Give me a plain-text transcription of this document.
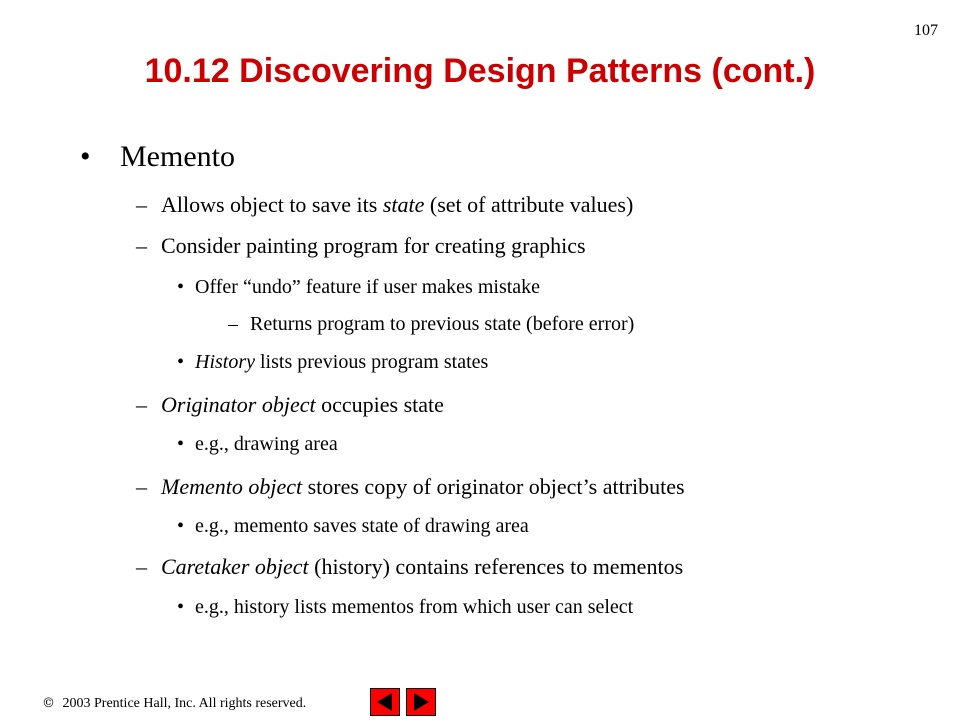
107
10.12 Discovering Design Patterns (cont.)
• Memento
– Allows object to save its state (set of attribute values)
– Consider painting program for creating graphics
• Offer “undo” feature if user makes mistake
– Returns program to previous state (before error)
• History lists previous program states
– Originator object occupies state
• e.g., drawing area
– Memento object stores copy of originator object’s attributes
• e.g., memento saves state of drawing area
– Caretaker object (history) contains references to mementos
• e.g., history lists mementos from which user can select
© 2003 Prentice Hall, Inc. All rights reserved.
